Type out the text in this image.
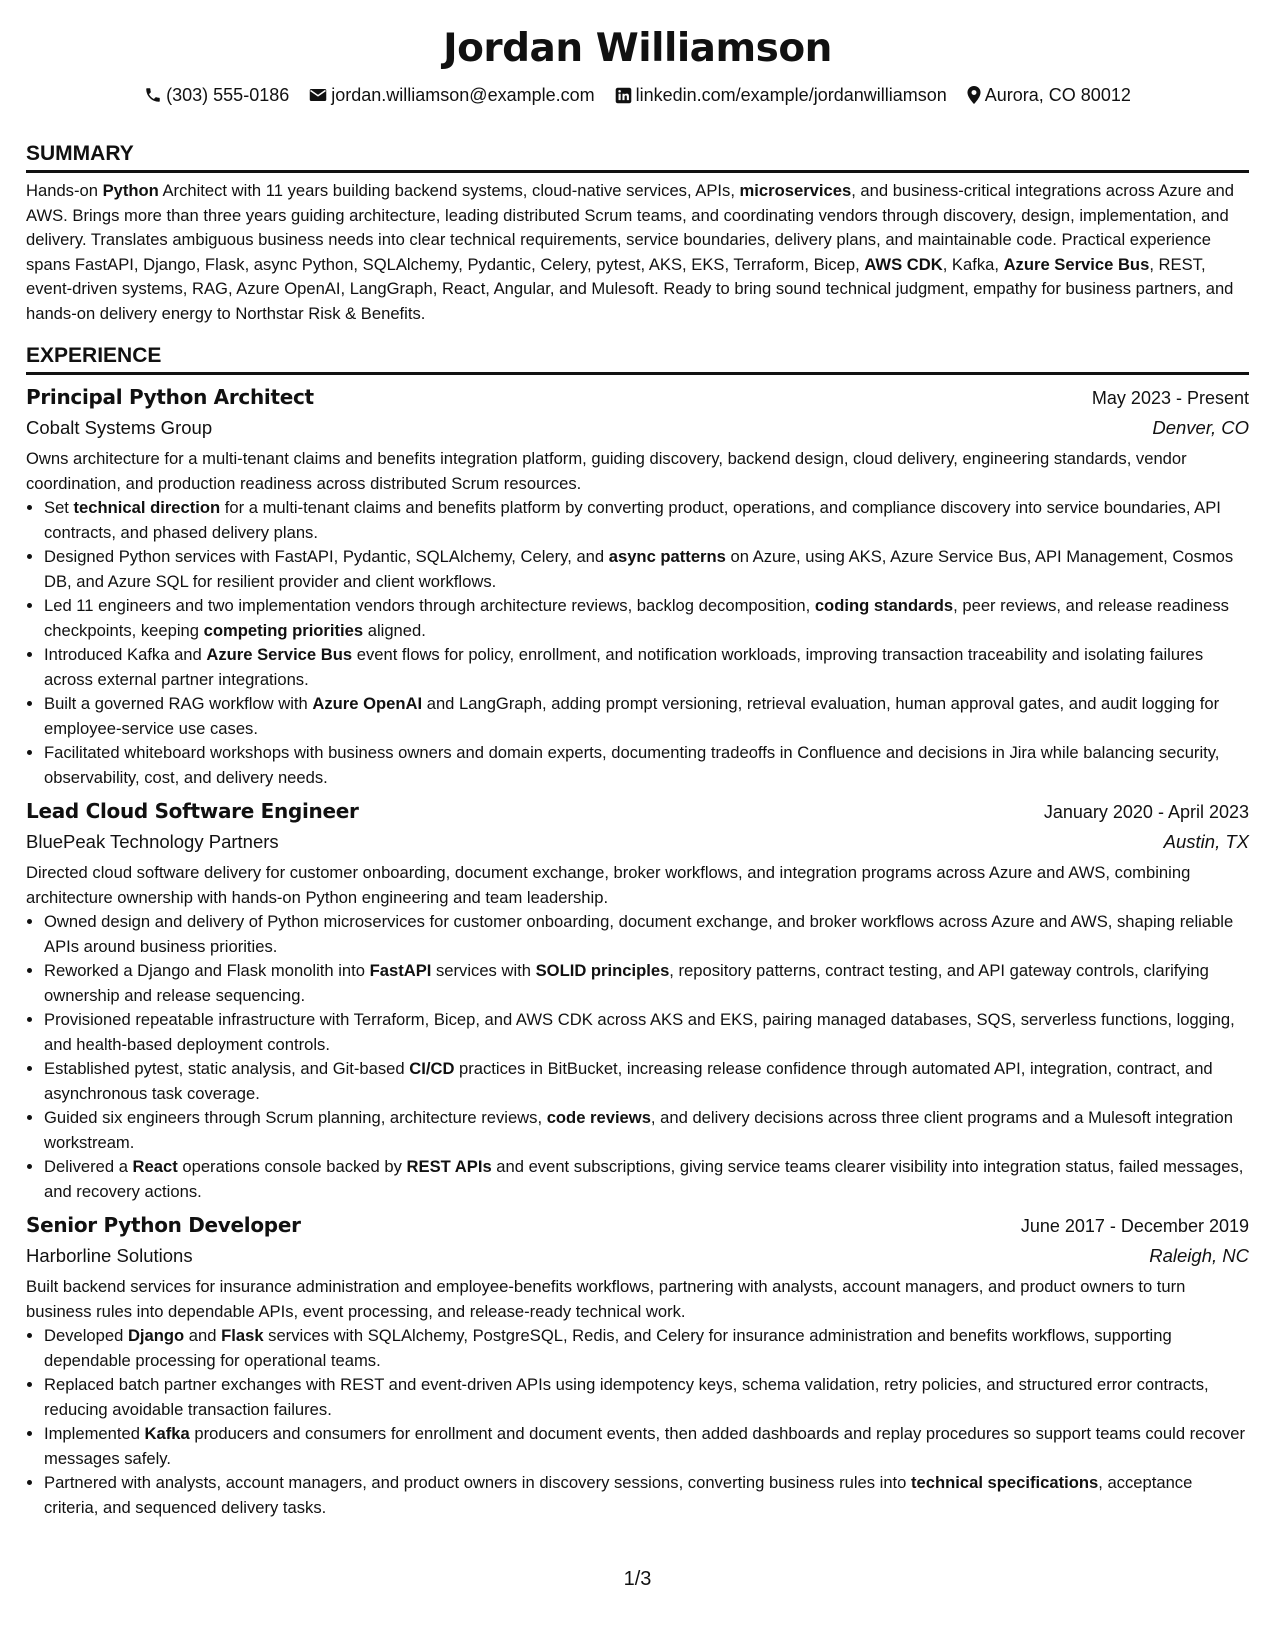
Jordan Williamson
(303) 555-0186 jordan.williamson@example.com linkedin.com/example/jordanwilliamson Aurora, CO 80012
SUMMARY
Hands-on Python Architect with 11 years building backend systems, cloud-native services, APIs, microservices, and business-critical integrations across Azure and AWS. Brings more than three years guiding architecture, leading distributed Scrum teams, and coordinating vendors through discovery, design, implementation, and delivery. Translates ambiguous business needs into clear technical requirements, service boundaries, delivery plans, and maintainable code. Practical experience spans FastAPI, Django, Flask, async Python, SQLAlchemy, Pydantic, Celery, pytest, AKS, EKS, Terraform, Bicep, AWS CDK, Kafka, Azure Service Bus, REST, event-driven systems, RAG, Azure OpenAI, LangGraph, React, Angular, and Mulesoft. Ready to bring sound technical judgment, empathy for business partners, and hands-on delivery energy to Northstar Risk & Benefits.
EXPERIENCE
Principal Python Architect	May 2023 - Present
Cobalt Systems Group	Denver, CO
Owns architecture for a multi-tenant claims and benefits integration platform, guiding discovery, backend design, cloud delivery, engineering standards, vendor coordination, and production readiness across distributed Scrum resources.
• Set technical direction for a multi-tenant claims and benefits platform by converting product, operations, and compliance discovery into service boundaries, API contracts, and phased delivery plans.
• Designed Python services with FastAPI, Pydantic, SQLAlchemy, Celery, and async patterns on Azure, using AKS, Azure Service Bus, API Management, Cosmos DB, and Azure SQL for resilient provider and client workflows.
• Led 11 engineers and two implementation vendors through architecture reviews, backlog decomposition, coding standards, peer reviews, and release readiness checkpoints, keeping competing priorities aligned.
• Introduced Kafka and Azure Service Bus event flows for policy, enrollment, and notification workloads, improving transaction traceability and isolating failures across external partner integrations.
• Built a governed RAG workflow with Azure OpenAI and LangGraph, adding prompt versioning, retrieval evaluation, human approval gates, and audit logging for employee-service use cases.
• Facilitated whiteboard workshops with business owners and domain experts, documenting tradeoffs in Confluence and decisions in Jira while balancing security, observability, cost, and delivery needs.
Lead Cloud Software Engineer	January 2020 - April 2023
BluePeak Technology Partners	Austin, TX
Directed cloud software delivery for customer onboarding, document exchange, broker workflows, and integration programs across Azure and AWS, combining architecture ownership with hands-on Python engineering and team leadership.
• Owned design and delivery of Python microservices for customer onboarding, document exchange, and broker workflows across Azure and AWS, shaping reliable APIs around business priorities.
• Reworked a Django and Flask monolith into FastAPI services with SOLID principles, repository patterns, contract testing, and API gateway controls, clarifying ownership and release sequencing.
• Provisioned repeatable infrastructure with Terraform, Bicep, and AWS CDK across AKS and EKS, pairing managed databases, SQS, serverless functions, logging, and health-based deployment controls.
• Established pytest, static analysis, and Git-based CI/CD practices in BitBucket, increasing release confidence through automated API, integration, contract, and asynchronous task coverage.
• Guided six engineers through Scrum planning, architecture reviews, code reviews, and delivery decisions across three client programs and a Mulesoft integration workstream.
• Delivered a React operations console backed by REST APIs and event subscriptions, giving service teams clearer visibility into integration status, failed messages, and recovery actions.
Senior Python Developer	June 2017 - December 2019
Harborline Solutions	Raleigh, NC
Built backend services for insurance administration and employee-benefits workflows, partnering with analysts, account managers, and product owners to turn business rules into dependable APIs, event processing, and release-ready technical work.
• Developed Django and Flask services with SQLAlchemy, PostgreSQL, Redis, and Celery for insurance administration and benefits workflows, supporting dependable processing for operational teams.
• Replaced batch partner exchanges with REST and event-driven APIs using idempotency keys, schema validation, retry policies, and structured error contracts, reducing avoidable transaction failures.
• Implemented Kafka producers and consumers for enrollment and document events, then added dashboards and replay procedures so support teams could recover messages safely.
• Partnered with analysts, account managers, and product owners in discovery sessions, converting business rules into technical specifications, acceptance criteria, and sequenced delivery tasks.
1/3
